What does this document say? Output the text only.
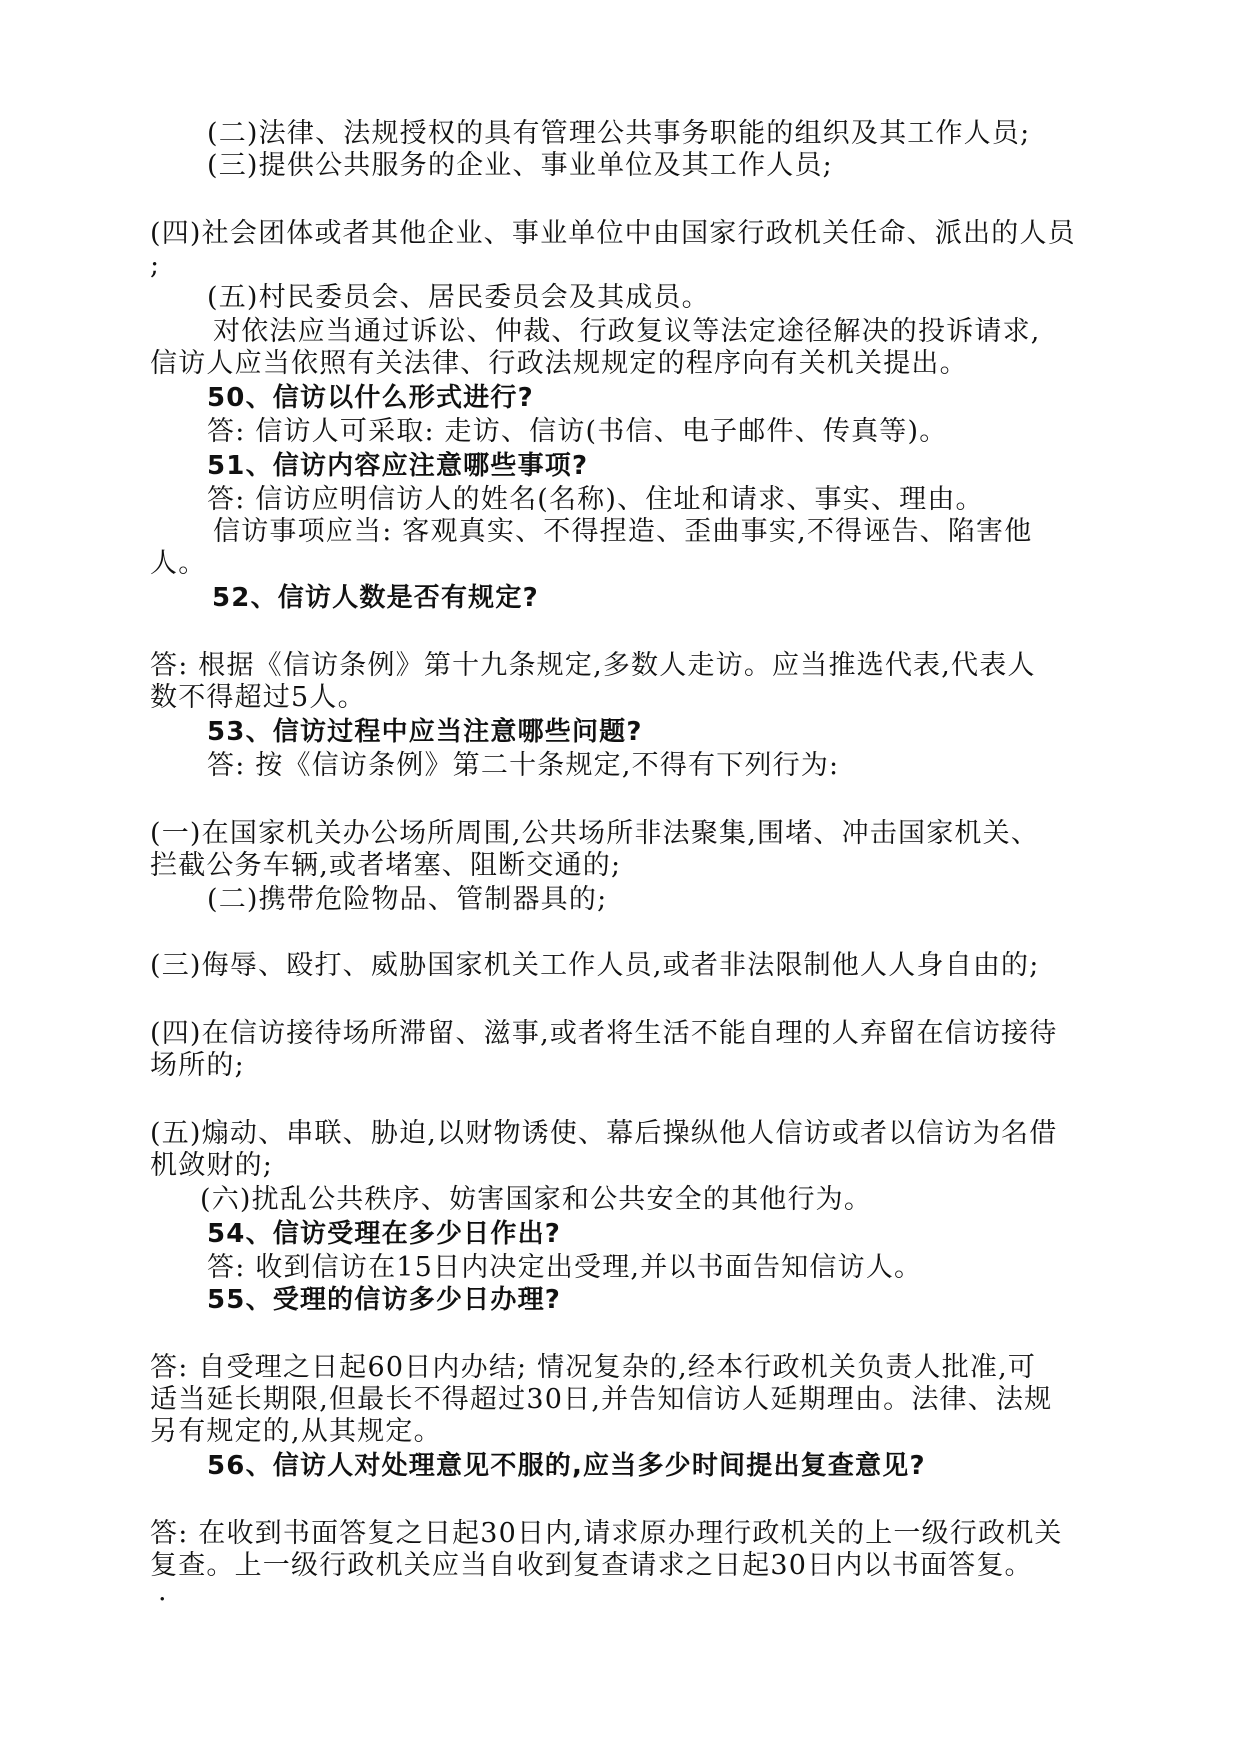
(二)法律、法规授权的具有管理公共事务职能的组织及其工作人员;
(三)提供公共服务的企业、事业单位及其工作人员;
(四)社会团体或者其他企业、事业单位中由国家行政机关任命、派出的人员
;
(五)村民委员会、居民委员会及其成员。
对依法应当通过诉讼、仲裁、行政复议等法定途径解决的投诉请求,
信访人应当依照有关法律、行政法规规定的程序向有关机关提出。
50、信访以什么形式进行?
答: 信访人可采取: 走访、信访(书信、电子邮件、传真等)。
51、信访内容应注意哪些事项?
答: 信访应明信访人的姓名(名称)、住址和请求、事实、理由。
信访事项应当: 客观真实、不得捏造、歪曲事实,不得诬告、陷害他
人。
52、信访人数是否有规定?
答: 根据《信访条例》第十九条规定,多数人走访。应当推选代表,代表人
数不得超过5人。
53、信访过程中应当注意哪些问题?
答: 按《信访条例》第二十条规定,不得有下列行为:
(一)在国家机关办公场所周围,公共场所非法聚集,围堵、冲击国家机关、
拦截公务车辆,或者堵塞、阻断交通的;
(二)携带危险物品、管制器具的;
(三)侮辱、殴打、威胁国家机关工作人员,或者非法限制他人人身自由的;
(四)在信访接待场所滞留、滋事,或者将生活不能自理的人弃留在信访接待
场所的;
(五)煽动、串联、胁迫,以财物诱使、幕后操纵他人信访或者以信访为名借
机敛财的;
(六)扰乱公共秩序、妨害国家和公共安全的其他行为。
54、信访受理在多少日作出?
答: 收到信访在15日内决定出受理,并以书面告知信访人。
55、受理的信访多少日办理?
答: 自受理之日起60日内办结; 情况复杂的,经本行政机关负责人批准,可
适当延长期限,但最长不得超过30日,并告知信访人延期理由。法律、法规
另有规定的,从其规定。
56、信访人对处理意见不服的,应当多少时间提出复查意见?
答: 在收到书面答复之日起30日内,请求原办理行政机关的上一级行政机关
复查。上一级行政机关应当自收到复查请求之日起30日内以书面答复。
·
